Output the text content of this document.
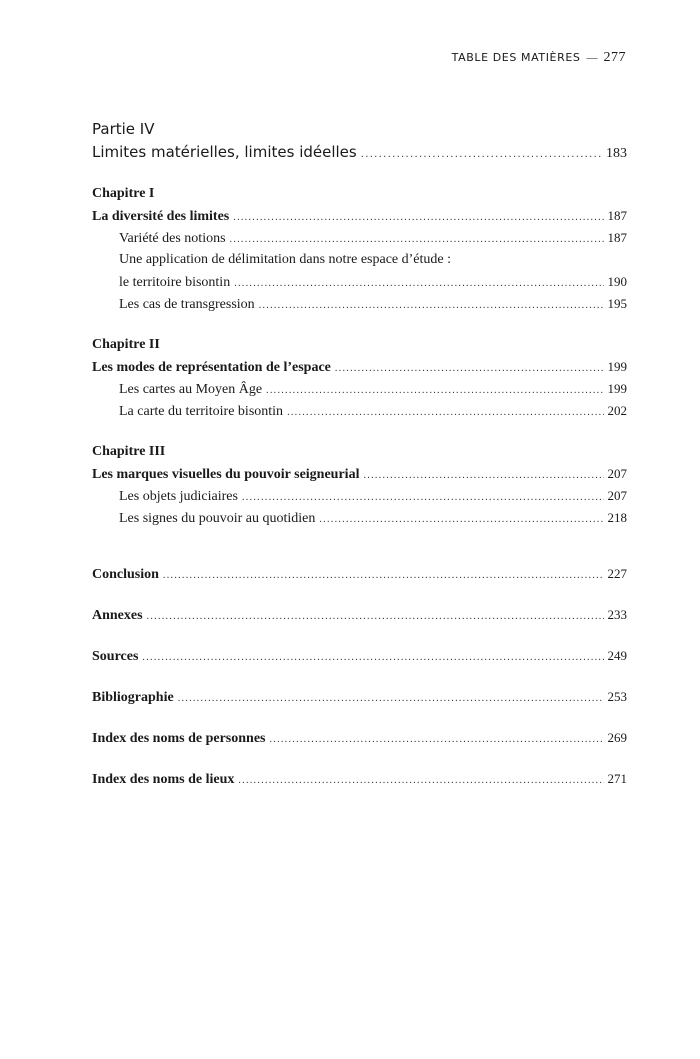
TABLE DES MATIÈRES — 277
Partie IV
Limites matérielles, limites idéelles .....	183
Chapitre I
La diversité des limites .....	187
Variété des notions .....	187
Une application de délimitation dans notre espace d’étude :
le territoire bisontin .....	190
Les cas de transgression .....	195
Chapitre II
Les modes de représentation de l’espace .....	199
Les cartes au Moyen Âge .....	199
La carte du territoire bisontin .....	202
Chapitre III
Les marques visuelles du pouvoir seigneurial .....	207
Les objets judiciaires .....	207
Les signes du pouvoir au quotidien .....	218
Conclusion .....	227
Annexes .....	233
Sources .....	249
Bibliographie .....	253
Index des noms de personnes .....	269
Index des noms de lieux .....	271
